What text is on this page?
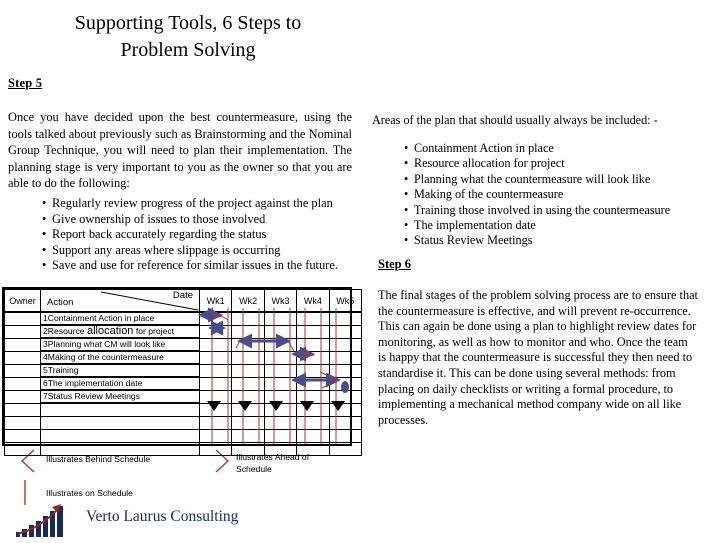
Supporting Tools, 6 Steps to
Problem Solving
Step 5
Once you have decided upon the best countermeasure, using the tools talked about previously such as Brainstorming and the Nominal Group Technique, you will need to plan their implementation. The planning stage is very important to you as the owner so that you are able to do the following:
• Regularly review progress of the project against the plan
• Give ownership of issues to those involved
• Report back accurately regarding the status
• Support any areas where slippage is occurring
• Save and use for reference for similar issues in the future.
Areas of the plan that should usually always be included: -
• Containment Action in place
• Resource allocation for project
• Planning what the countermeasure will look like
• Making of the countermeasure
• Training those involved in using the countermeasure
• The implementation date
• Status Review Meetings
Step 6
The final stages of the problem solving process are to ensure that the countermeasure is effective, and will prevent re-occurrence. This can again be done using a plan to highlight review dates for monitoring, as well as how to monitor and who. Once the team is happy that the countermeasure is successful they then need to standardise it. This can be done using several methods: from placing on daily checklists or writing a formal procedure, to implementing a mechanical method company wide on all like processes.
Owner	Action
Date	Wk1	Wk2	Wk3	Wk4	Wk5

	1Containment Action in place					

	2Resource allocation for project					

	3Planning what CM will look like					

	4Making of the countermeasure					

	5Training					

	6The implementation date					

	7Status Review Meetings					

Illustrates Behind Schedule	Illustrates Ahead of
Schedule
Illustrates on Schedule
Verto Laurus Consulting
